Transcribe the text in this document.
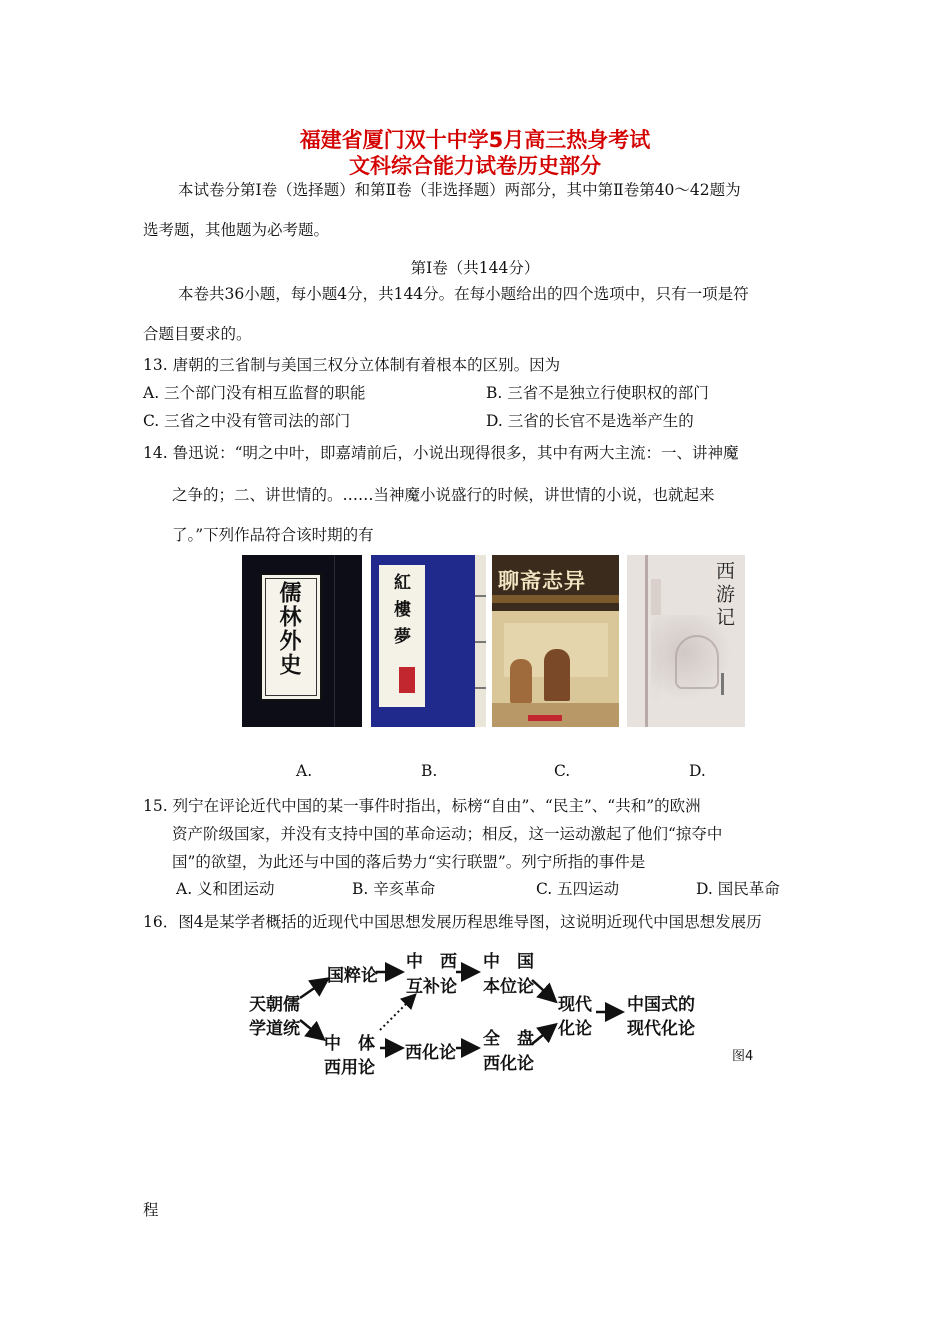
福建省厦门双十中学5月高三热身考试
文科综合能力试卷历史部分
本试卷分第Ⅰ卷（选择题）和第Ⅱ卷（非选择题）两部分，其中第Ⅱ卷第40～42题为
选考题，其他题为必考题。
第Ⅰ卷（共144分）
本卷共36小题，每小题4分，共144分。在每小题给出的四个选项中，只有一项是符
合题目要求的。
13. 唐朝的三省制与美国三权分立体制有着根本的区别。因为
A. 三个部门没有相互监督的职能	B. 三省不是独立行使职权的部门
C. 三省之中没有管司法的部门	D. 三省的长官不是选举产生的
14. 鲁迅说：“明之中叶，即嘉靖前后，小说出现得很多，其中有两大主流：一、讲神魔
之争的；二、讲世情的。……当神魔小说盛行的时候，讲世情的小说，也就起来
了。”下列作品符合该时期的有
儒林外史	紅樓夢	聊斋志异	西游记
A.	B.	C.	D.
15. 列宁在评论近代中国的某一事件时指出，标榜“自由”、“民主”、“共和”的欧洲
资产阶级国家，并没有支持中国的革命运动；相反，这一运动激起了他们“掠夺中
国”的欲望，为此还与中国的落后势力“实行联盟”。列宁所指的事件是
A. 义和团运动	B. 辛亥革命	C. 五四运动	D. 国民革命
16．图4是某学者概括的近现代中国思想发展历程思维导图，这说明近现代中国思想发展历
天朝儒
学道统
国粹论
中　体
西用论
中　西
互补论
西化论
中　国
本位论
全　盘
西化论
现代
化论
中国式的
现代化论
图4
程
